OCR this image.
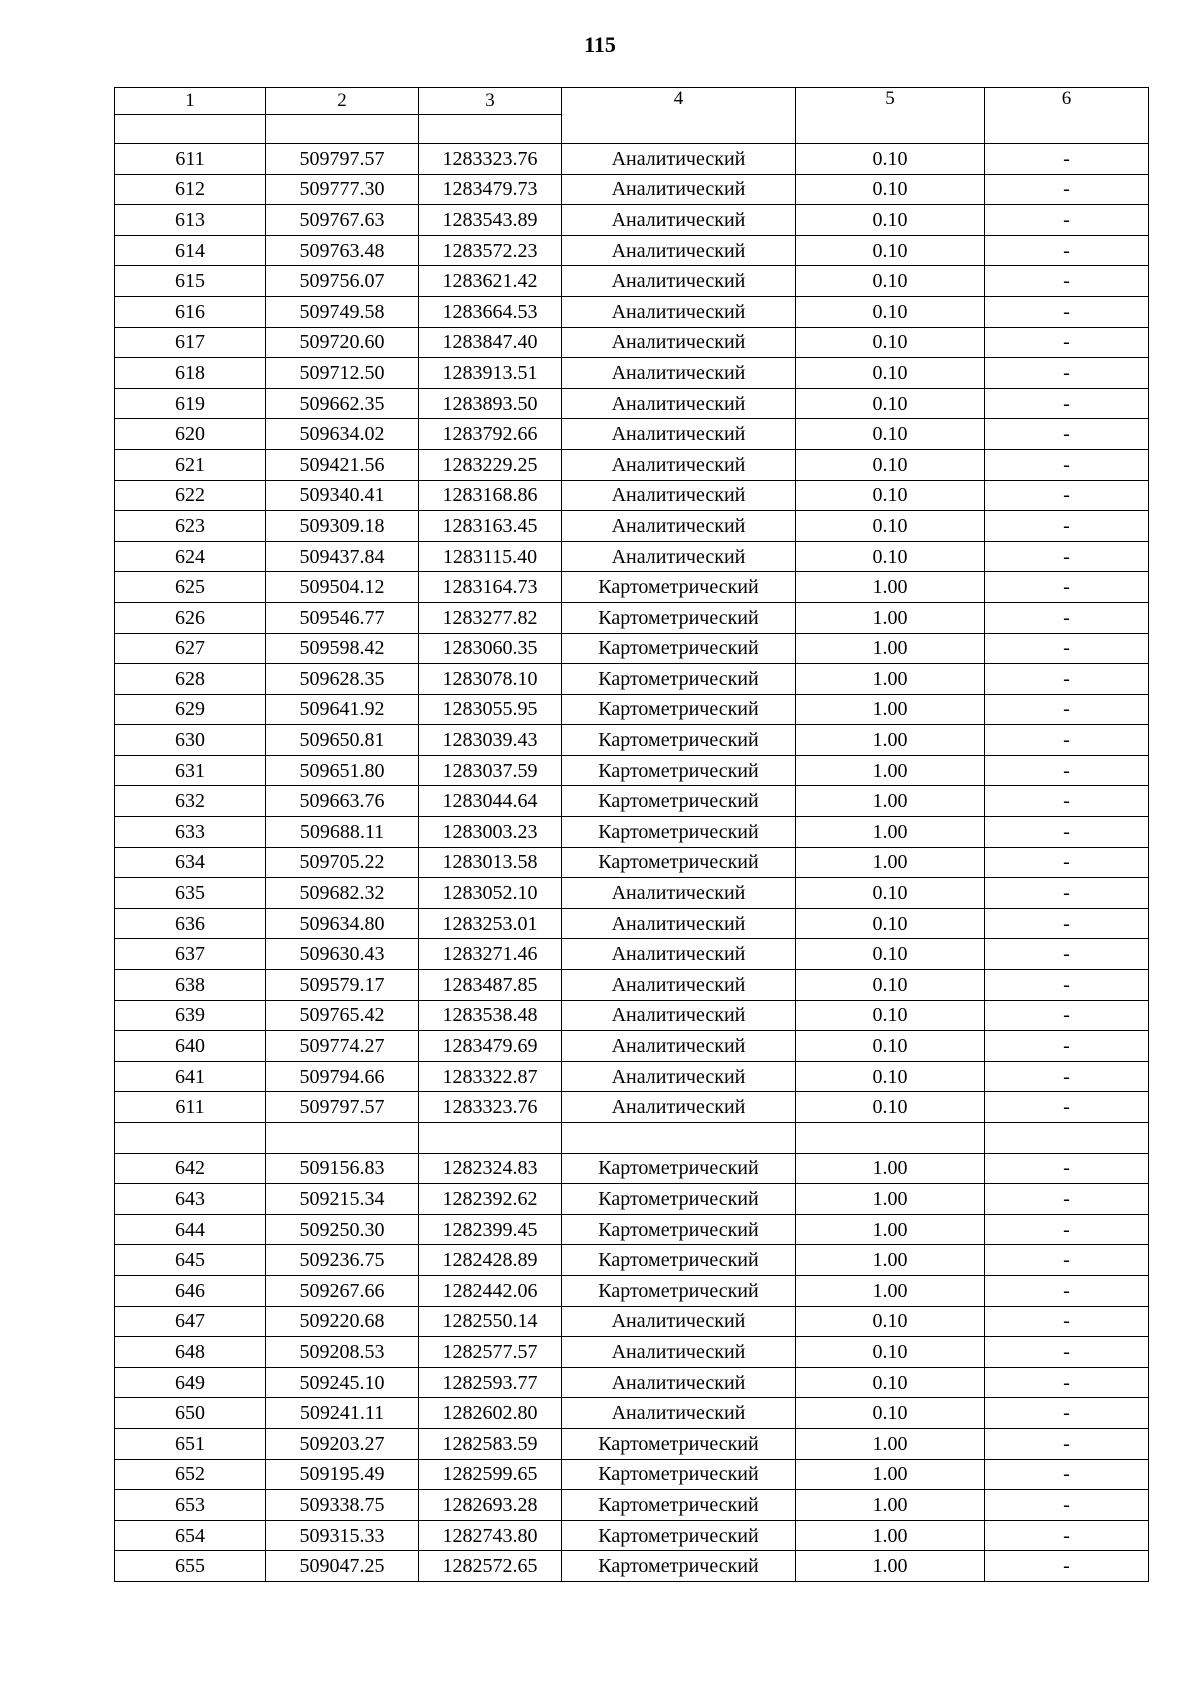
115
1	2	3	4	5	6

611	509797.57	1283323.76	Аналитический	0.10	-
612	509777.30	1283479.73	Аналитический	0.10	-
613	509767.63	1283543.89	Аналитический	0.10	-
614	509763.48	1283572.23	Аналитический	0.10	-
615	509756.07	1283621.42	Аналитический	0.10	-
616	509749.58	1283664.53	Аналитический	0.10	-
617	509720.60	1283847.40	Аналитический	0.10	-
618	509712.50	1283913.51	Аналитический	0.10	-
619	509662.35	1283893.50	Аналитический	0.10	-
620	509634.02	1283792.66	Аналитический	0.10	-
621	509421.56	1283229.25	Аналитический	0.10	-
622	509340.41	1283168.86	Аналитический	0.10	-
623	509309.18	1283163.45	Аналитический	0.10	-
624	509437.84	1283115.40	Аналитический	0.10	-
625	509504.12	1283164.73	Картометрический	1.00	-
626	509546.77	1283277.82	Картометрический	1.00	-
627	509598.42	1283060.35	Картометрический	1.00	-
628	509628.35	1283078.10	Картометрический	1.00	-
629	509641.92	1283055.95	Картометрический	1.00	-
630	509650.81	1283039.43	Картометрический	1.00	-
631	509651.80	1283037.59	Картометрический	1.00	-
632	509663.76	1283044.64	Картометрический	1.00	-
633	509688.11	1283003.23	Картометрический	1.00	-
634	509705.22	1283013.58	Картометрический	1.00	-
635	509682.32	1283052.10	Аналитический	0.10	-
636	509634.80	1283253.01	Аналитический	0.10	-
637	509630.43	1283271.46	Аналитический	0.10	-
638	509579.17	1283487.85	Аналитический	0.10	-
639	509765.42	1283538.48	Аналитический	0.10	-
640	509774.27	1283479.69	Аналитический	0.10	-
641	509794.66	1283322.87	Аналитический	0.10	-
611	509797.57	1283323.76	Аналитический	0.10	-

642	509156.83	1282324.83	Картометрический	1.00	-
643	509215.34	1282392.62	Картометрический	1.00	-
644	509250.30	1282399.45	Картометрический	1.00	-
645	509236.75	1282428.89	Картометрический	1.00	-
646	509267.66	1282442.06	Картометрический	1.00	-
647	509220.68	1282550.14	Аналитический	0.10	-
648	509208.53	1282577.57	Аналитический	0.10	-
649	509245.10	1282593.77	Аналитический	0.10	-
650	509241.11	1282602.80	Аналитический	0.10	-
651	509203.27	1282583.59	Картометрический	1.00	-
652	509195.49	1282599.65	Картометрический	1.00	-
653	509338.75	1282693.28	Картометрический	1.00	-
654	509315.33	1282743.80	Картометрический	1.00	-
655	509047.25	1282572.65	Картометрический	1.00	-
